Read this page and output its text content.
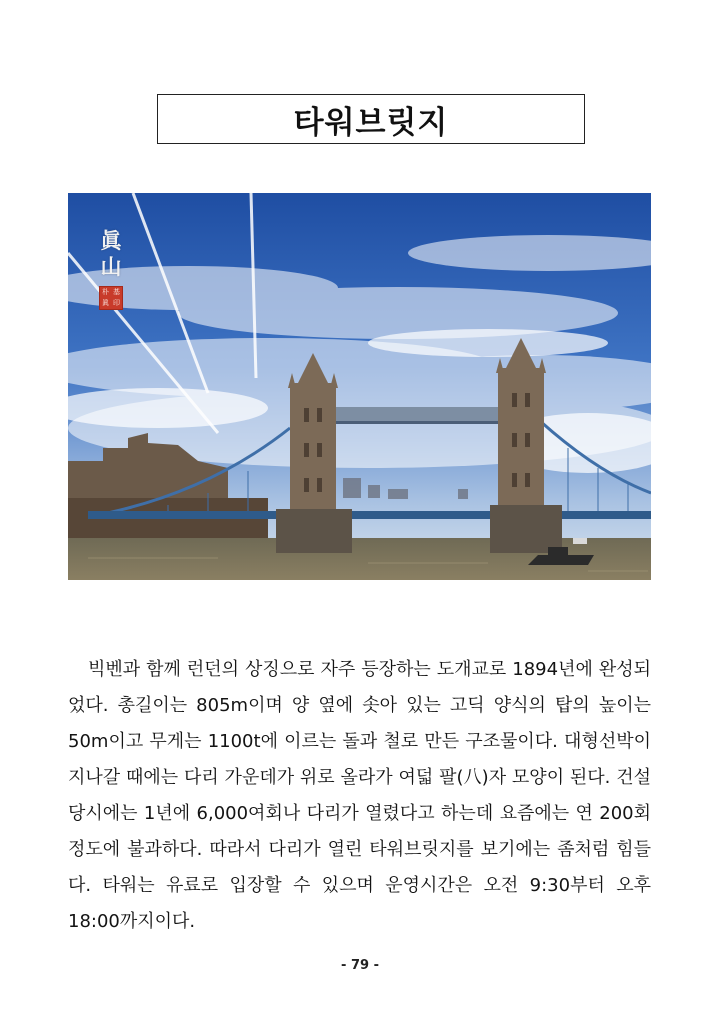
타워브릿지
眞
山
朴 基
眞 印

빅벤과 함께 런던의 상징으로 자주 등장하는 도개교로 1894년에 완성되었다. 총길이는 805m이며 양 옆에 솟아 있는 고딕 양식의 탑의 높이는 50m이고 무게는 1100t에 이르는 돌과 철로 만든 구조물이다. 대형선박이 지나갈 때에는 다리 가운데가 위로 올라가 여덟 팔(八)자 모양이 된다. 건설 당시에는 1년에 6,000여회나 다리가 열렸다고 하는데 요즘에는 연 200회 정도에 불과하다. 따라서 다리가 열린 타워브릿지를 보기에는 좀처럼 힘들다. 타워는 유료로 입장할 수 있으며 운영시간은 오전 9:30부터 오후 18:00까지이다.

- 79 -
